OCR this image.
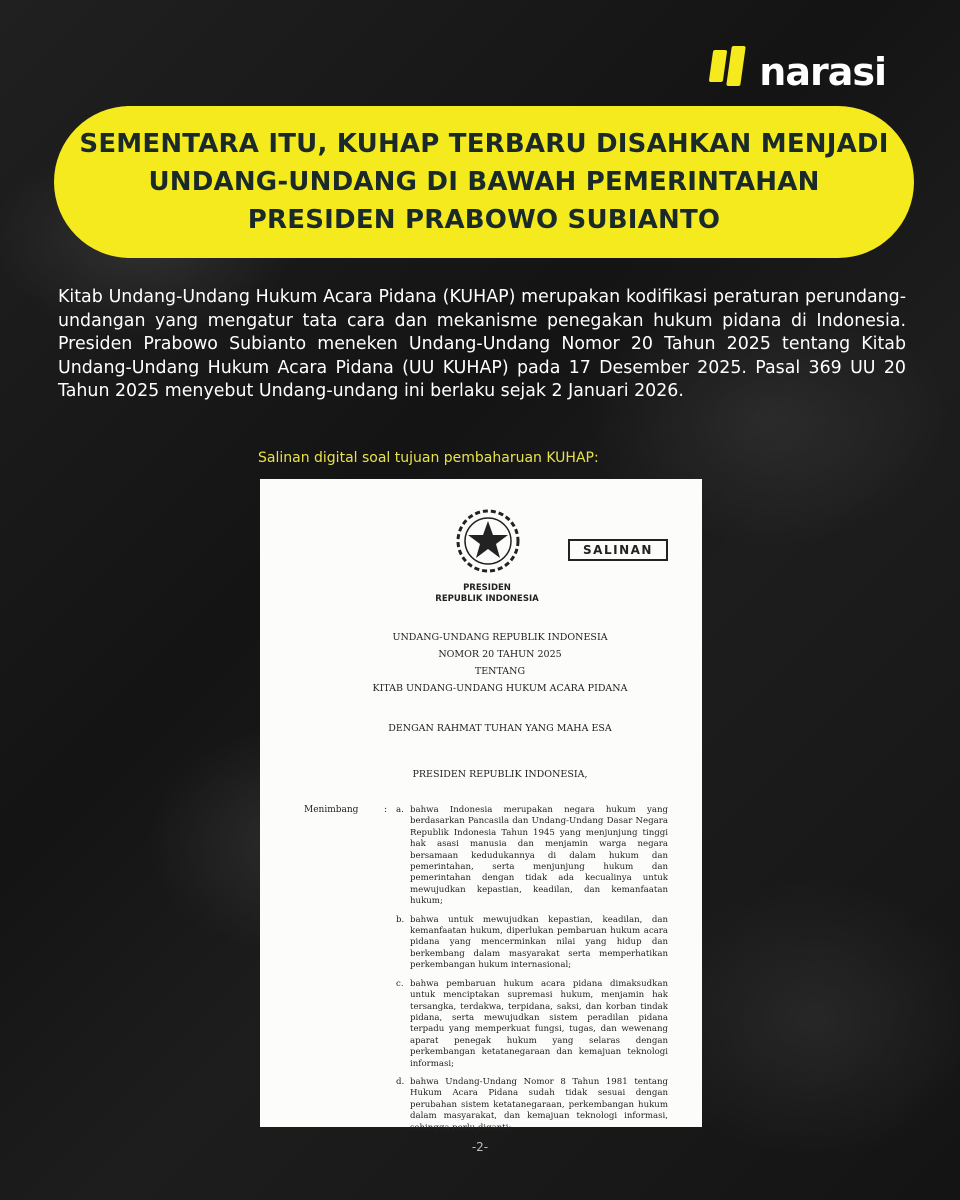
narasi
SEMENTARA ITU, KUHAP TERBARU DISAHKAN MENJADI
UNDANG-UNDANG DI BAWAH PEMERINTAHAN
PRESIDEN PRABOWO SUBIANTO

Kitab Undang-Undang Hukum Acara Pidana (KUHAP) merupakan kodifikasi peraturan perundang-undangan yang mengatur tata cara dan mekanisme penegakan hukum pidana di Indonesia. Presiden Prabowo Subianto meneken Undang-Undang Nomor 20 Tahun 2025 tentang Kitab Undang-Undang Hukum Acara Pidana (UU KUHAP) pada 17 Desember 2025. Pasal 369 UU 20 Tahun 2025 menyebut Undang-undang ini berlaku sejak 2 Januari 2026.

Salinan digital soal tujuan pembaharuan KUHAP:
SALINAN
PRESIDEN
REPUBLIK INDONESIA
UNDANG-UNDANG REPUBLIK INDONESIA
NOMOR 20 TAHUN 2025
TENTANG
KITAB UNDANG-UNDANG HUKUM ACARA PIDANA
DENGAN RAHMAT TUHAN YANG MAHA ESA
PRESIDEN REPUBLIK INDONESIA,
Menimbang	: a. bahwa Indonesia merupakan negara hukum yang berdasarkan Pancasila dan Undang-Undang Dasar Negara Republik Indonesia Tahun 1945 yang menjunjung tinggi hak asasi manusia dan menjamin warga negara bersamaan kedudukannya di dalam hukum dan pemerintahan, serta menjunjung hukum dan pemerintahan dengan tidak ada kecualinya untuk mewujudkan kepastian, keadilan, dan kemanfaatan hukum;
b. bahwa untuk mewujudkan kepastian, keadilan, dan kemanfaatan hukum, diperlukan pembaruan hukum acara pidana yang mencerminkan nilai yang hidup dan berkembang dalam masyarakat serta memperhatikan perkembangan hukum internasional;
c. bahwa pembaruan hukum acara pidana dimaksudkan untuk menciptakan supremasi hukum, menjamin hak tersangka, terdakwa, terpidana, saksi, dan korban tindak pidana, serta mewujudkan sistem peradilan pidana terpadu yang memperkuat fungsi, tugas, dan wewenang aparat penegak hukum yang selaras dengan perkembangan ketatanegaraan dan kemajuan teknologi informasi;
d. bahwa Undang-Undang Nomor 8 Tahun 1981 tentang Hukum Acara Pidana sudah tidak sesuai dengan perubahan sistem ketatanegaraan, perkembangan hukum dalam masyarakat, dan kemajuan teknologi informasi, sehingga perlu diganti;
-2-
